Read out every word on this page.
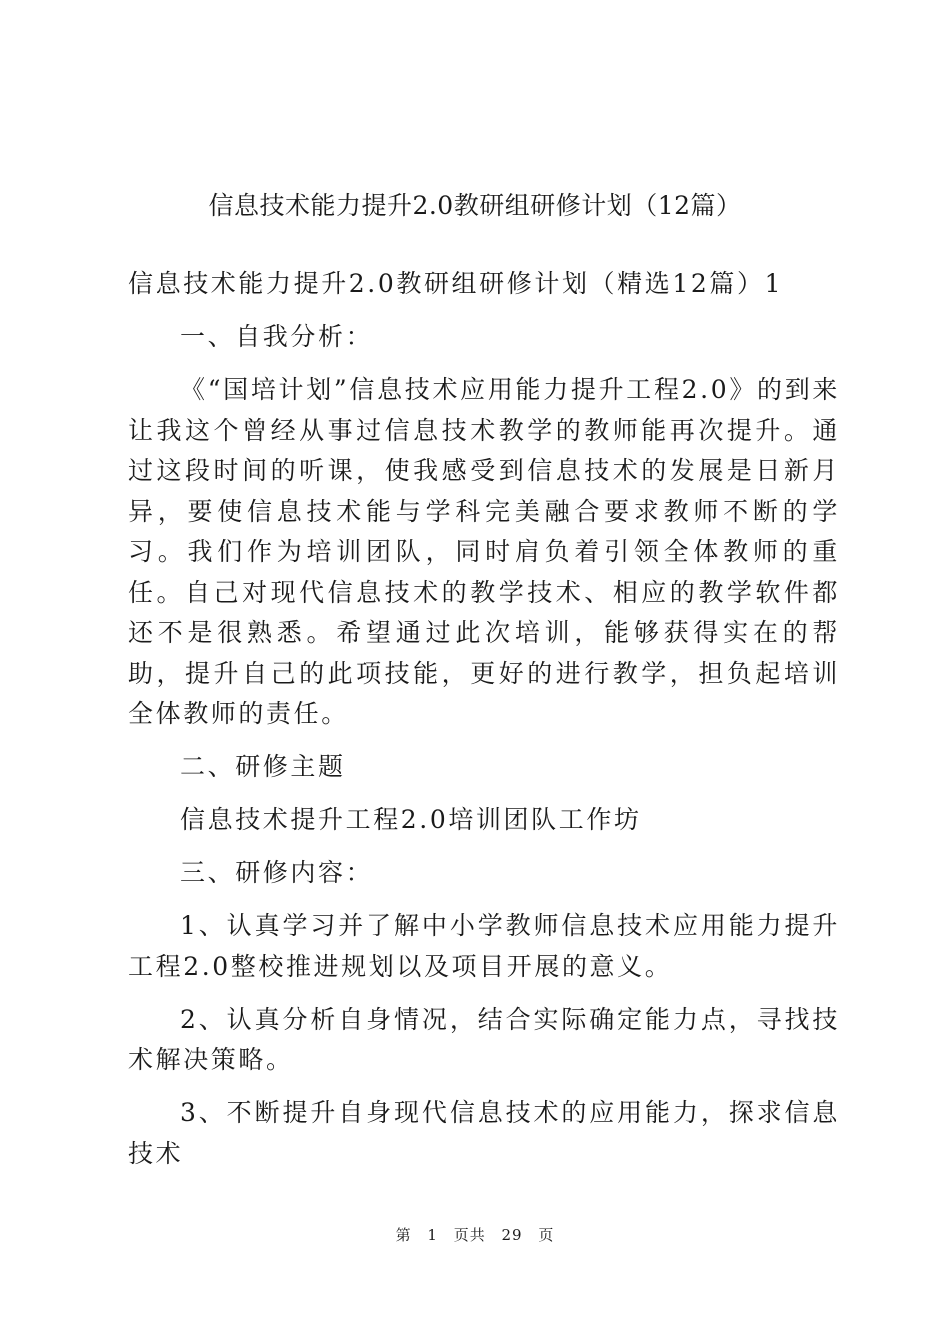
信息技术能力提升2.0教研组研修计划（12篇）

信息技术能力提升2.0教研组研修计划（精选12篇）1

一、自我分析：

《“国培计划”信息技术应用能力提升工程2.0》的到来让我这个曾经从事过信息技术教学的教师能再次提升。通过这段时间的听课，使我感受到信息技术的发展是日新月异，要使信息技术能与学科完美融合要求教师不断的学习。我们作为培训团队，同时肩负着引领全体教师的重任。自己对现代信息技术的教学技术、相应的教学软件都还不是很熟悉。希望通过此次培训，能够获得实在的帮助，提升自己的此项技能，更好的进行教学，担负起培训全体教师的责任。

二、研修主题

信息技术提升工程2.0培训团队工作坊

三、研修内容：

1、认真学习并了解中小学教师信息技术应用能力提升工程2.0整校推进规划以及项目开展的意义。

2、认真分析自身情况，结合实际确定能力点，寻找技术解决策略。

3、不断提升自身现代信息技术的应用能力，探求信息技术

第 1 页共 29 页
